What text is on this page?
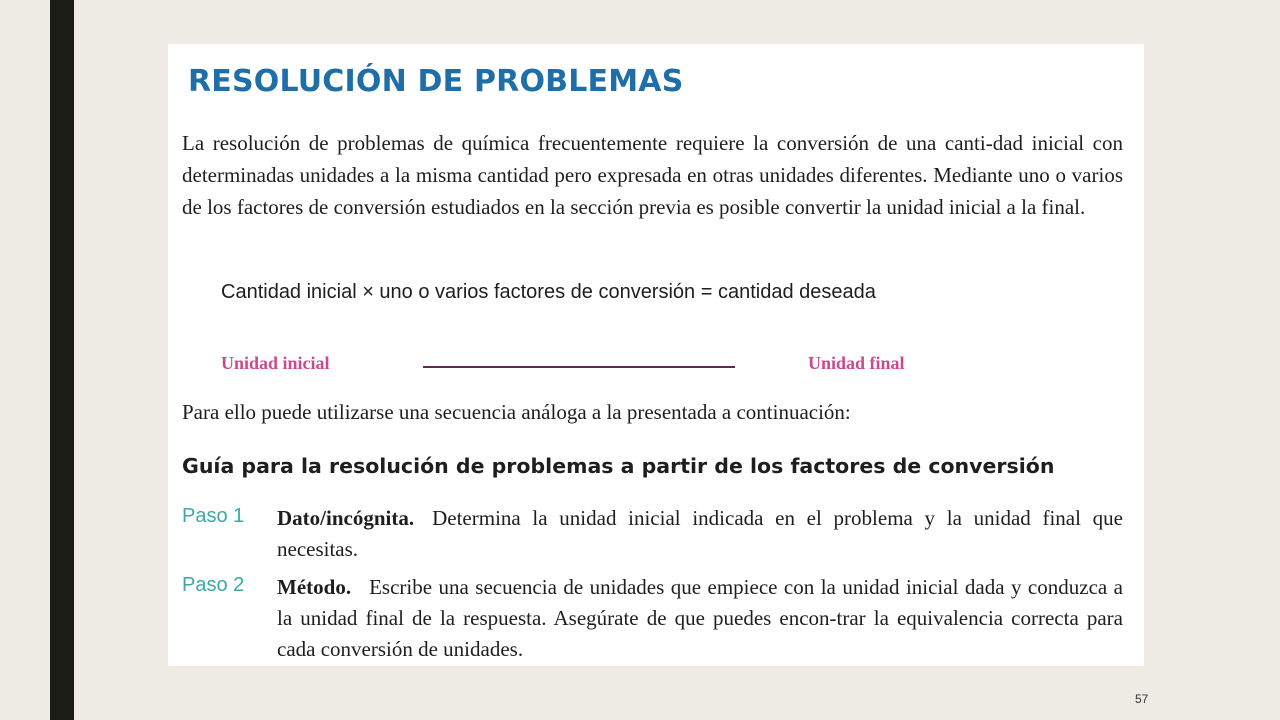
RESOLUCIÓN DE PROBLEMAS

La resolución de problemas de química frecuentemente requiere la conversión de una canti-dad inicial con determinadas unidades a la misma cantidad pero expresada en otras unidades diferentes. Mediante uno o varios de los factores de conversión estudiados en la sección previa es posible convertir la unidad inicial a la final.

Cantidad inicial × uno o varios factores de conversión = cantidad deseada

Unidad inicial	Unidad final

Para ello puede utilizarse una secuencia análoga a la presentada a continuación:

Guía para la resolución de problemas a partir de los factores de conversión
Paso 1 Dato/incógnita. Determina la unidad inicial indicada en el problema y la unidad final que necesitas.

Paso 2 Método. Escribe una secuencia de unidades que empiece con la unidad inicial dada y conduzca a la unidad final de la respuesta. Asegúrate de que puedes encon-trar la equivalencia correcta para cada conversión de unidades.

57
